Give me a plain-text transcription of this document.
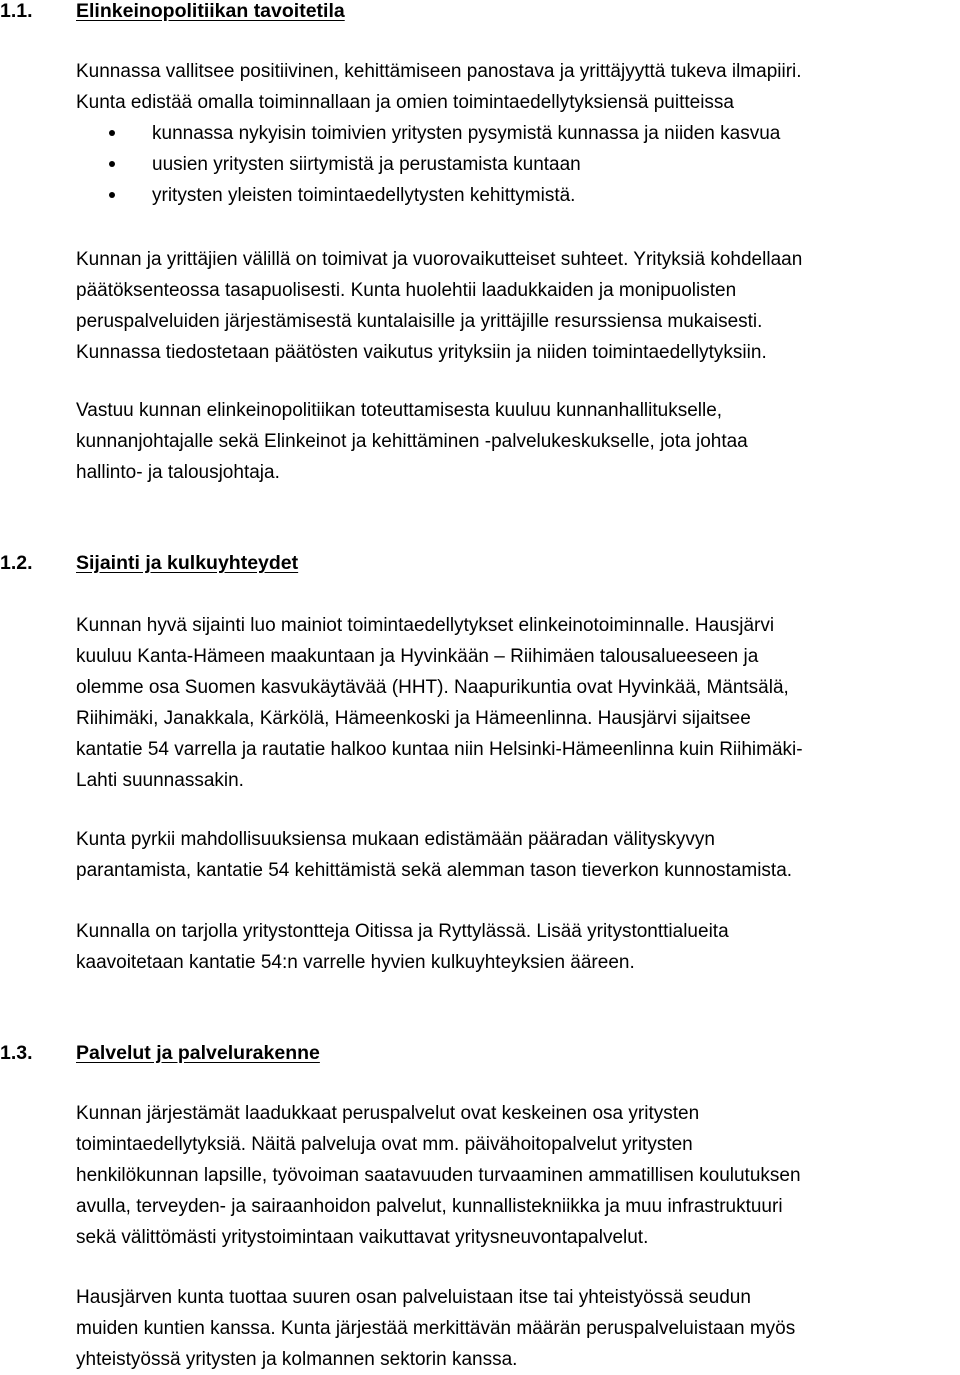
1.1. Elinkeinopolitiikan tavoitetila
Kunnassa vallitsee positiivinen, kehittämiseen panostava ja yrittäjyyttä tukeva ilmapiiri.
Kunta edistää omalla toiminnallaan ja omien toimintaedellytyksiensä puitteissa
kunnassa nykyisin toimivien yritysten pysymistä kunnassa ja niiden kasvua
uusien yritysten siirtymistä ja perustamista kuntaan
yritysten yleisten toimintaedellytysten kehittymistä.
Kunnan ja yrittäjien välillä on toimivat ja vuorovaikutteiset suhteet. Yrityksiä kohdellaan
päätöksenteossa tasapuolisesti. Kunta huolehtii laadukkaiden ja monipuolisten
peruspalveluiden järjestämisestä kuntalaisille ja yrittäjille resurssiensa mukaisesti.
Kunnassa tiedostetaan päätösten vaikutus yrityksiin ja niiden toimintaedellytyksiin.
Vastuu kunnan elinkeinopolitiikan toteuttamisesta kuuluu kunnanhallitukselle,
kunnanjohtajalle sekä Elinkeinot ja kehittäminen -palvelukeskukselle, jota johtaa
hallinto- ja talousjohtaja.
1.2. Sijainti ja kulkuyhteydet
Kunnan hyvä sijainti luo mainiot toimintaedellytykset elinkeinotoiminnalle. Hausjärvi
kuuluu Kanta-Hämeen maakuntaan ja Hyvinkään – Riihimäen talousalueeseen ja
olemme osa Suomen kasvukäytävää (HHT). Naapurikuntia ovat Hyvinkää, Mäntsälä,
Riihimäki, Janakkala, Kärkölä, Hämeenkoski ja Hämeenlinna. Hausjärvi sijaitsee
kantatie 54 varrella ja rautatie halkoo kuntaa niin Helsinki-Hämeenlinna kuin Riihimäki-
Lahti suunnassakin.
Kunta pyrkii mahdollisuuksiensa mukaan edistämään pääradan välityskyvyn
parantamista, kantatie 54 kehittämistä sekä alemman tason tieverkon kunnostamista.
Kunnalla on tarjolla yritystontteja Oitissa ja Ryttylässä. Lisää yritystonttialueita
kaavoitetaan kantatie 54:n varrelle hyvien kulkuyhteyksien ääreen.
1.3. Palvelut ja palvelurakenne
Kunnan järjestämät laadukkaat peruspalvelut ovat keskeinen osa yritysten
toimintaedellytyksiä. Näitä palveluja ovat mm. päivähoitopalvelut yritysten
henkilökunnan lapsille, työvoiman saatavuuden turvaaminen ammatillisen koulutuksen
avulla, terveyden- ja sairaanhoidon palvelut, kunnallistekniikka ja muu infrastruktuuri
sekä välittömästi yritystoimintaan vaikuttavat yritysneuvontapalvelut.
Hausjärven kunta tuottaa suuren osan palveluistaan itse tai yhteistyössä seudun
muiden kuntien kanssa. Kunta järjestää merkittävän määrän peruspalveluistaan myös
yhteistyössä yritysten ja kolmannen sektorin kanssa.
